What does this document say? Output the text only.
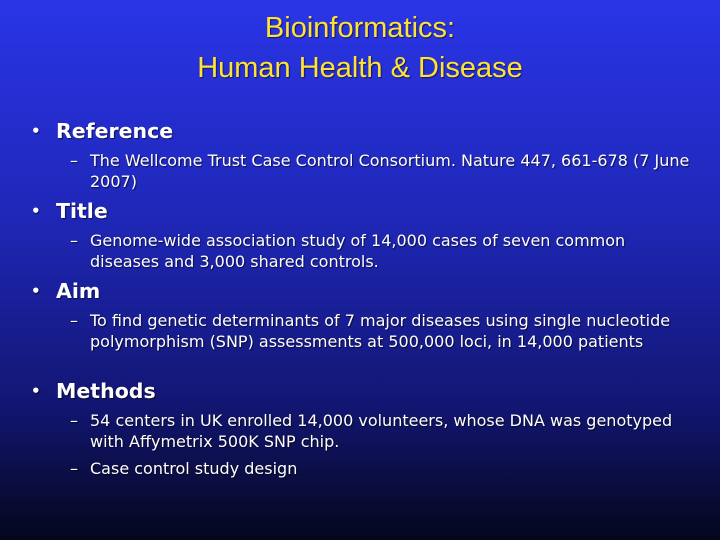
Bioinformatics:
Human Health & Disease
• Reference
– The Wellcome Trust Case Control Consortium. Nature 447, 661-678 (7 June 2007)
• Title
– Genome-wide association study of 14,000 cases of seven common diseases and 3,000 shared controls.
• Aim
– To find genetic determinants of 7 major diseases using single nucleotide polymorphism (SNP) assessments at 500,000 loci, in 14,000 patients
• Methods
– 54 centers in UK enrolled 14,000 volunteers, whose DNA was genotyped with Affymetrix 500K SNP chip.
– Case control study design
